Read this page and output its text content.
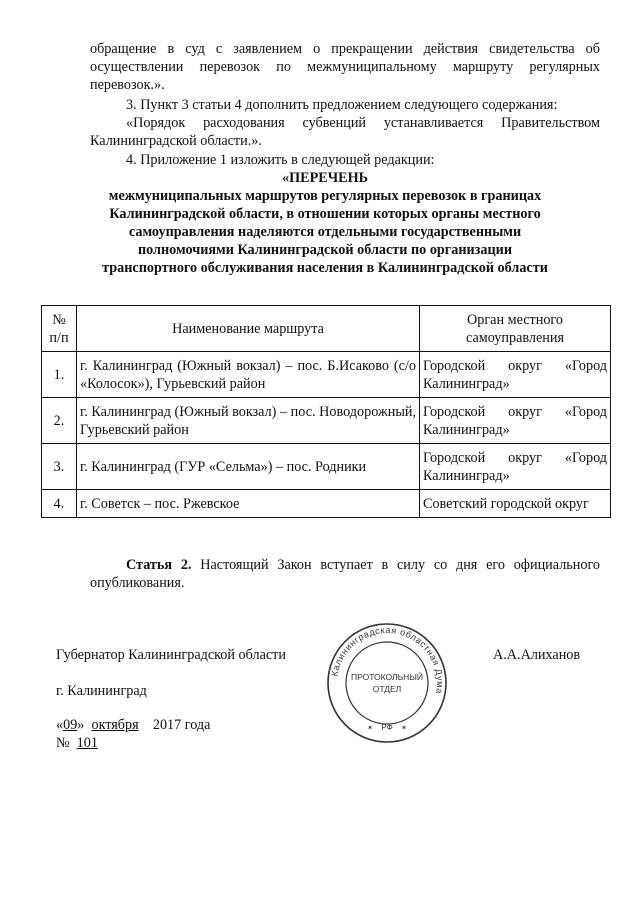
обращение в суд с заявлением о прекращении действия свидетельства об осуществлении перевозок по межмуниципальному маршруту регулярных перевозок.».

3. Пункт 3 статьи 4 дополнить предложением следующего содержания:

«Порядок расходования субвенций устанавливается Правительством Калининградской области.».

4. Приложение 1 изложить в следующей редакции:

«ПЕРЕЧЕНЬ

межмуниципальных маршрутов регулярных перевозок в границах Калининградской области, в отношении которых органы местного самоуправления наделяются отдельными государственными полномочиями Калининградской области по организации транспортного обслуживания населения в Калининградской области

№ п/п	Наименование маршрута	Орган местного самоуправления
1.	г. Калининград (Южный вокзал) – пос. Б.Исаково (с/о «Колосок»), Гурьевский район	Городской округ «Город Калининград»
2.	г. Калининград (Южный вокзал) – пос. Новодорожный, Гурьевский район	Городской округ «Город Калининград»
3.	г. Калининград (ГУР «Сельма») – пос. Родники	Городской округ «Город Калининград»
4.	г. Советск – пос. Ржевское	Советский городской округ

Статья 2. Настоящий Закон вступает в силу со дня его официального опубликования.

Губернатор Калининградской области	А.А.Алиханов

г. Калининград

«09» октября 2017 года

№ 101

Калининградская областная Дума
ПРОТОКОЛЬНЫЙ
ОТДЕЛ
РФ
✶	✶
